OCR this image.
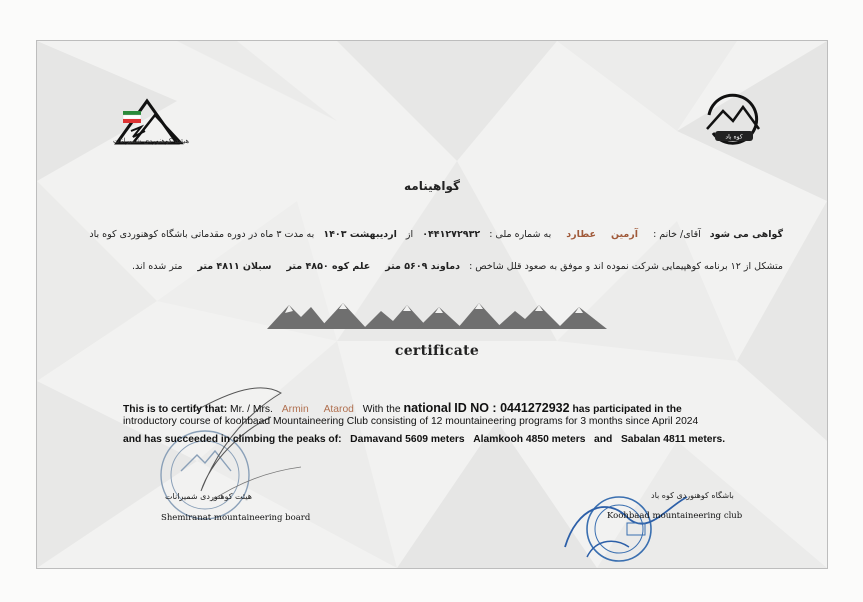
هیئت کوهنوردی شمیرانات	کوه باد
گواهینامه
گواهی می شود آقای/ خانم : آرمین عطارد به شماره ملی : ۰۴۴۱۲۷۲۹۳۲ از اردیبهشت ۱۴۰۳ به مدت ۳ ماه در دوره مقدماتی باشگاه کوهنوردی کوه باد
متشکل از ۱۲ برنامه کوهپیمایی شرکت نموده اند و موفق به صعود قلل شاخص : دماوند ۵۶۰۹ متر علم کوه ۴۸۵۰ متر سبلان ۴۸۱۱ متر متر شده اند.
certificate
This is to certify that: Mr. / Mrs. Armin Atarod With the national ID NO : 0441272932 has participated in the
introductory course of koohbaad Mountaineering Club consisting of 12 mountaineering programs for 3 months since April 2024
and has succeeded in climbing the peaks of: Damavand 5609 meters Alamkooh 4850 meters and Sabalan 4811 meters.
هیئت کوهنوردی شمیرانات
Shemiranat mountaineering board
باشگاه کوهنوردی کوه باد
Koohbaad mountaineering club
